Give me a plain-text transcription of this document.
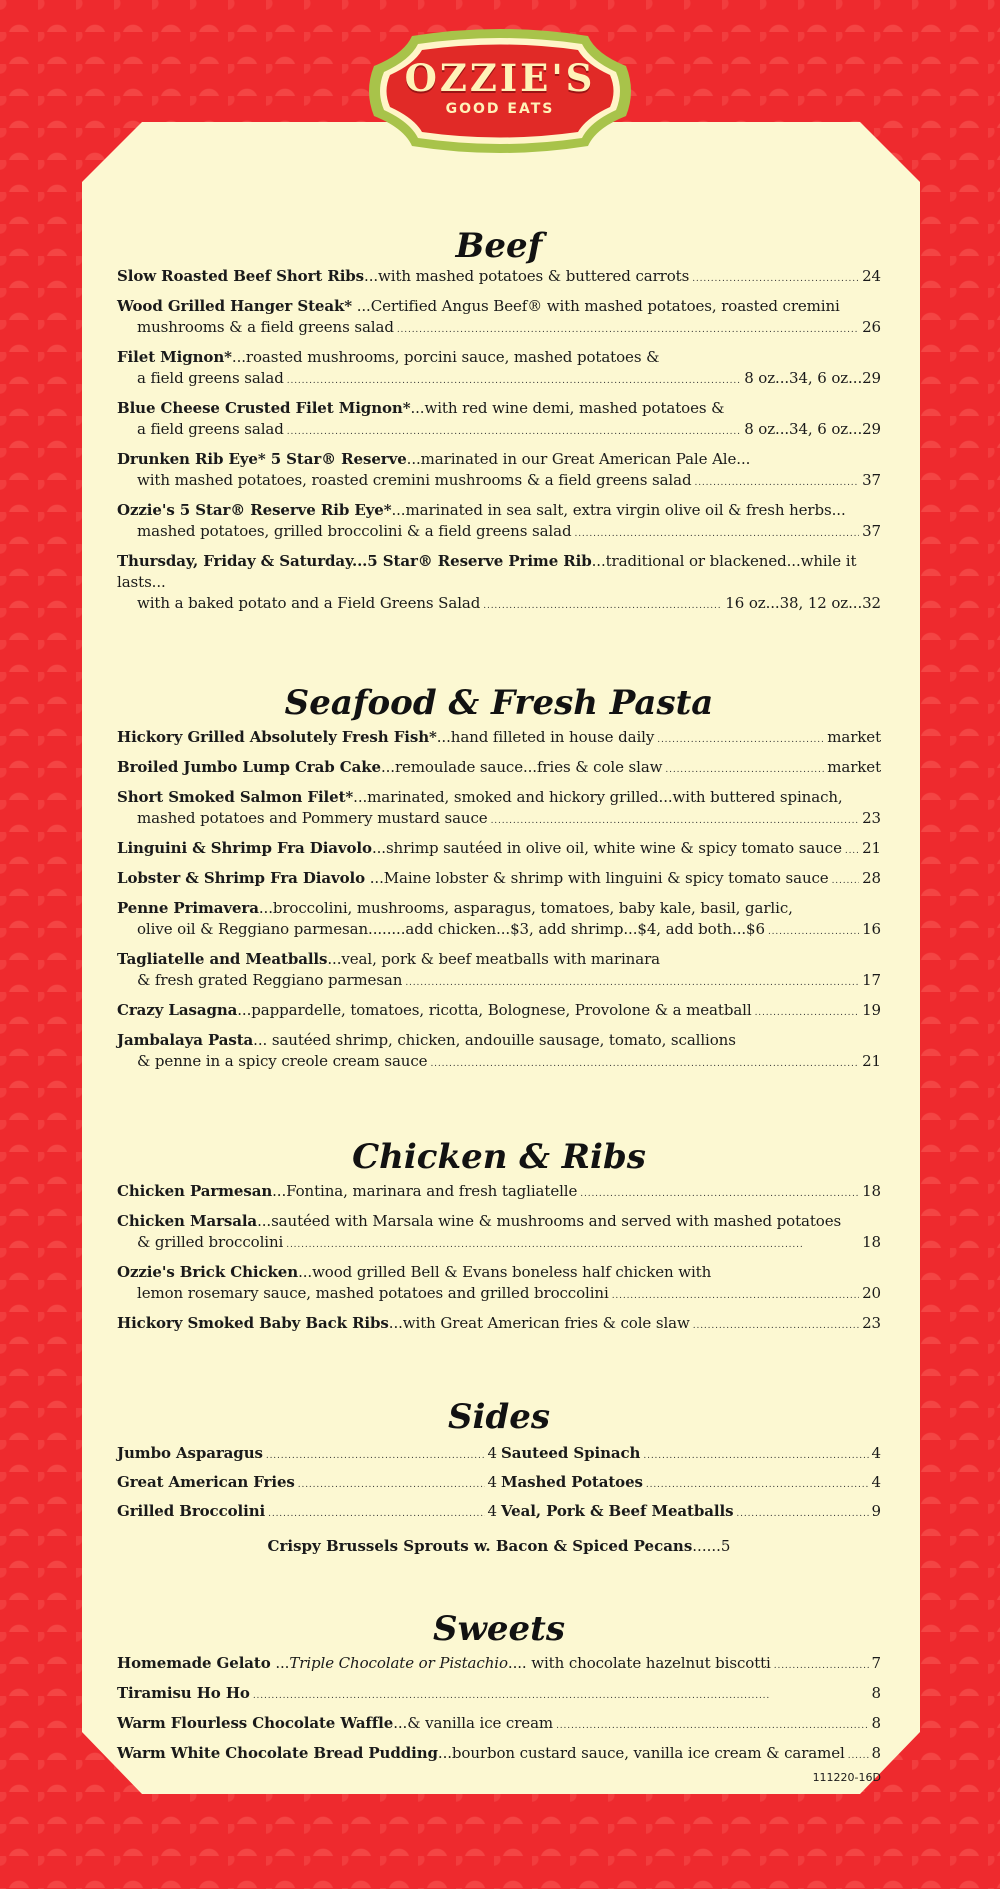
OZZIE'S
GOOD EATS
Beef
Slow Roasted Beef Short Ribs...with mashed potatoes & buttered carrots . . .	24
Wood Grilled Hanger Steak* ...Certified Angus Beef® with mashed potatoes, roasted cremini
mushrooms & a field greens salad . . .	26
Filet Mignon*...roasted mushrooms, porcini sauce, mashed potatoes &
a field greens salad . . .	8 oz...34, 6 oz...29
Blue Cheese Crusted Filet Mignon*...with red wine demi, mashed potatoes &
a field greens salad . . .	8 oz...34, 6 oz...29
Drunken Rib Eye* 5 Star® Reserve...marinated in our Great American Pale Ale...
with mashed potatoes, roasted cremini mushrooms & a field greens salad . . .	37
Ozzie's 5 Star® Reserve Rib Eye*...marinated in sea salt, extra virgin olive oil & fresh herbs...
mashed potatoes, grilled broccolini & a field greens salad . . .	37
Thursday, Friday & Saturday...5 Star® Reserve Prime Rib...traditional or blackened...while it lasts...
with a baked potato and a Field Greens Salad . . .	16 oz...38, 12 oz...32
Seafood & Fresh Pasta
Hickory Grilled Absolutely Fresh Fish*...hand filleted in house daily . . .	market
Broiled Jumbo Lump Crab Cake...remoulade sauce...fries & cole slaw . . .	market
Short Smoked Salmon Filet*...marinated, smoked and hickory grilled...with buttered spinach,
mashed potatoes and Pommery mustard sauce . . .	23
Linguini & Shrimp Fra Diavolo...shrimp sautéed in olive oil, white wine & spicy tomato sauce . . . 21
Lobster & Shrimp Fra Diavolo ...Maine lobster & shrimp with linguini & spicy tomato sauce . . . 28
Penne Primavera...broccolini, mushrooms, asparagus, tomatoes, baby kale, basil, garlic,
olive oil & Reggiano parmesan........add chicken...$3, add shrimp...$4, add both...$6 . . .	16
Tagliatelle and Meatballs...veal, pork & beef meatballs with marinara
& fresh grated Reggiano parmesan . . .	17
Crazy Lasagna...pappardelle, tomatoes, ricotta, Bolognese, Provolone & a meatball . . .	19
Jambalaya Pasta... sautéed shrimp, chicken, andouille sausage, tomato, scallions
& penne in a spicy creole cream sauce . . .	21
Chicken & Ribs
Chicken Parmesan...Fontina, marinara and fresh tagliatelle . . .	18
Chicken Marsala...sautéed with Marsala wine & mushrooms and served with mashed potatoes
& grilled broccolini . . .	18
Ozzie's Brick Chicken...wood grilled Bell & Evans boneless half chicken with
lemon rosemary sauce, mashed potatoes and grilled broccolini . . .	20
Hickory Smoked Baby Back Ribs...with Great American fries & cole slaw . . .	23
Sides
Jumbo Asparagus . . .	4
Great American Fries . . .	4
Grilled Broccolini . . .	4
Sauteed Spinach . . .	4
Mashed Potatoes . . .	4
Veal, Pork & Beef Meatballs . . .	9
Crispy Brussels Sprouts w. Bacon & Spiced Pecans......5
Sweets
Homemade Gelato ...Triple Chocolate or Pistachio.... with chocolate hazelnut biscotti . . .	7
Tiramisu Ho Ho . . .	8
Warm Flourless Chocolate Waffle...& vanilla ice cream . . .	8
Warm White Chocolate Bread Pudding...bourbon custard sauce, vanilla ice cream & caramel . . . 8
111220-16D
